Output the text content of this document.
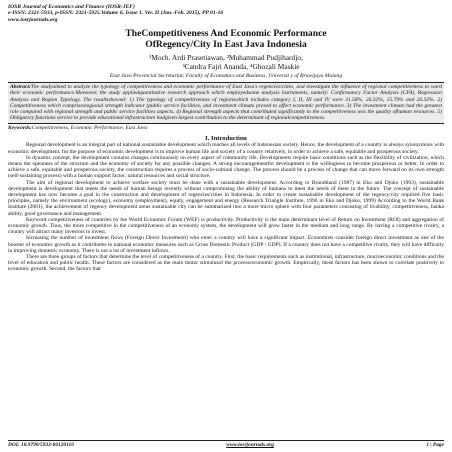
IOSR Journal of Economics and Finance (IOSR-JEF)
e-ISSN: 2321-5933, p-ISSN: 2321-5925.Volume 6, Issue 1. Ver. II (Jan.-Feb. 2015), PP 01-16
www.iosrjournals.org
TheCompetitiveness And Economic Performance
OfRegency/City In East Java Indonesia
¹Moch. Ardi Prasetiawan, ²Muhammad Pudjihardjo,
³Candra Fajri Ananda, ⁴Ghozali Maskie
East Java Provincial Secretariat; Faculty of Economics and Business, Universit y of Brawijaya Malang
Abstract:The studyaimed to analyze the typology of competitiveness and economic performance of East Java's regencies/cities, and investigate the influence of regional competitiveness to ward their economic performance.Moreover, the study appliedquantitative research approach which employedsome analysis instruments, namely: Confirmatory Factor Analysis (CFA), Regression Analysis and Region Typology. The resultsshowed: 1) The typology of competitiveness of regionswhich includes category I, II, III and IV were 31.58%, 26.32%, 15.79% and 26.32%. 2) Competitiveness which comprisesregional strength indicator (public service facilities, and investment climate proved to affect economic performance. 3) The investment climate had the greatest role compared with regional strength and public service facilities aspects. 4) Regional strength aspects that contributed significantly to the competitiveness was the quality ofhuman resources. 5) Obligatory functions service to provide educational infrastructure hadgiven largest contribution to the determinant of regionalcompetitiveness.
Keywords:Competitiveness, Economic Performance, East Java
I. Introduction

Regional development is an integral part of national sustainable development which reaches all levels of Indonesian society. Hence, the development of a country is always synonymous with economic development, for the purpose of economic development is to improve human life and society of a country relatively, in order to achieve a safe, equitable and prosperous society.

In dynamic concept, the development contains changes continuously on every aspect of community life. Developments require basic conditions such as the flexibility of civilization, which means the openness of the structure and the economy of society for any possible changes. A strong encouragementfor development is the willingness to become prosperous or better. In order to achieve a safe, equitable and prosperous society, the construction requires a process of socio-cultural change. The process should be a process of change that can move forward on its own strength (self-sustaining process) with a human support factor, natural resources and social structure.

The aim of regional development to achieve welfare society must be done with a sustainable development. According to Brundtland (1987) in Eko and Djoko (1993), sustainable development is development that meets the needs of human beings recently without compromising the ability of humans to meet the needs of them in the future. The concept of sustainable development has now become a goal in the construction and development of regencies/cities in Indonesia. In order to create sustainable development of the regency/city required five basic principles, namely the environment (ecology), economy (employment), equity, engagement and energy (Research Triangle Institute, 1996 in Eko and Djoko, 1999) According to the World Bank Institute (2001), the achievement of regency development areas sustainable city can be summarized into a more micro sphere with four parameters consisting of livability, competitiveness, banka ability, good governance and management.

Keyword competitiveness of countries by the World Economic Forum (WEF) is productivity. Productivity is the main determinant level of Return on Investment (ROI) and aggregation of economic growth. Thus, the more competitive in the competitiveness of an economy system, the development will grow faster in the medium and long range. By having a competitive rivalry, a country will attract many investors to invest.

Increasing the number of investment flows (Foreign Direct Investment) who enter a country will have a significant impact. Economists consider foreign direct investment as one of the booster of economic growth as it contributes to national economic measures such as Gross Domestic Product (GDP / GDP). If a country does not have a competitive rivalry, they will have difficulty in improving domestic economy. There is not a lot of investment inflows.

There are three groups of factors that determine the level of competitiveness of a country. First, the basic requirements such as institutional, infrastructure, macroeconomic conditions and the level of education and public health. These factors are considered as the main motor stimulusof the process/economic growth. Empirically, these factors has been shown to correlate positively to economic growth. Second, the factors that

DOI: 10.9790/5933-06120116	www.iosrjournals.org	1 | Page
